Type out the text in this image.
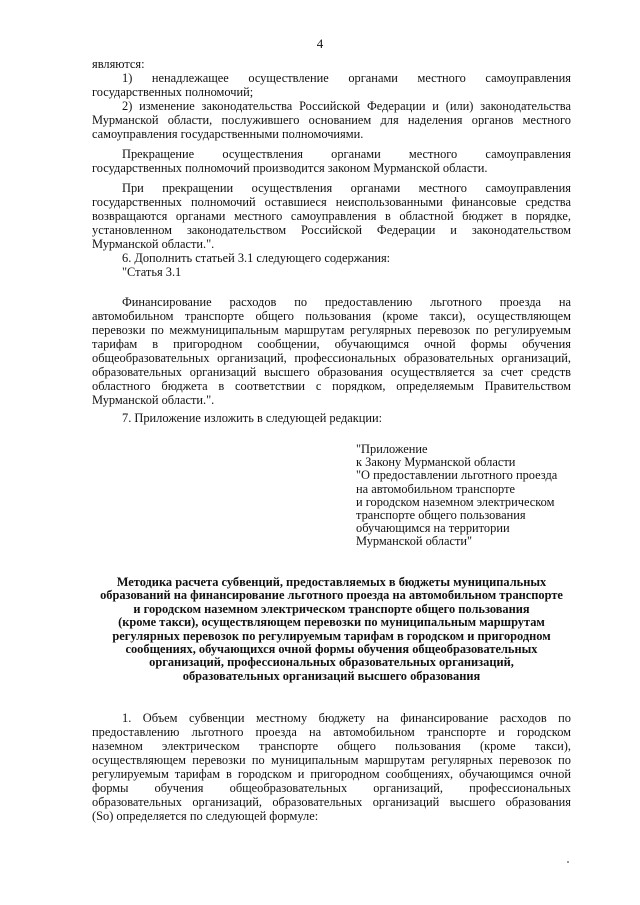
4
являются:
1) ненадлежащее осуществление органами местного самоуправления
государственных полномочий;
2) изменение законодательства Российской Федерации и (или) законодательства
Мурманской области, послужившего основанием для наделения органов местного
самоуправления государственными полномочиями.
Прекращение осуществления органами местного самоуправления
государственных полномочий производится законом Мурманской области.
При прекращении осуществления органами местного самоуправления
государственных полномочий оставшиеся неиспользованными финансовые средства
возвращаются органами местного самоуправления в областной бюджет в порядке,
установленном законодательством Российской Федерации и законодательством
Мурманской области.".
6. Дополнить статьей 3.1 следующего содержания:
"Статья 3.1
Финансирование расходов по предоставлению льготного проезда на
автомобильном транспорте общего пользования (кроме такси), осуществляющем
перевозки по межмуниципальным маршрутам регулярных перевозок по регулируемым
тарифам в пригородном сообщении, обучающимся очной формы обучения
общеобразовательных организаций, профессиональных образовательных организаций,
образовательных организаций высшего образования осуществляется за счет средств
областного бюджета в соответствии с порядком, определяемым Правительством
Мурманской области.".
7. Приложение изложить в следующей редакции:
"Приложение
к Закону Мурманской области
"О предоставлении льготного проезда
на автомобильном транспорте
и городском наземном электрическом
транспорте общего пользования
обучающимся на территории
Мурманской области"
Методика расчета субвенций, предоставляемых в бюджеты муниципальных
образований на финансирование льготного проезда на автомобильном транспорте
и городском наземном электрическом транспорте общего пользования
(кроме такси), осуществляющем перевозки по муниципальным маршрутам
регулярных перевозок по регулируемым тарифам в городском и пригородном
сообщениях, обучающихся очной формы обучения общеобразовательных
организаций, профессиональных образовательных организаций,
образовательных организаций высшего образования
1. Объем субвенции местному бюджету на финансирование расходов по
предоставлению льготного проезда на автомобильном транспорте и городском
наземном электрическом транспорте общего пользования (кроме такси),
осуществляющем перевозки по муниципальным маршрутам регулярных перевозок по
регулируемым тарифам в городском и пригородном сообщениях, обучающимся очной
формы обучения общеобразовательных организаций, профессиональных
образовательных организаций, образовательных организаций высшего образования
(So) определяется по следующей формуле:
